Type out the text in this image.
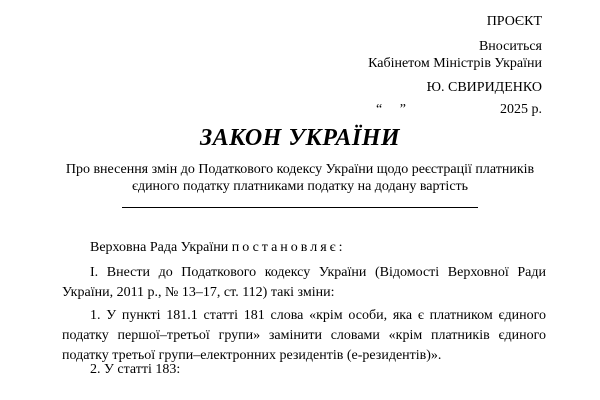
ПРОЄКТ
Вноситься
Кабінетом Міністрів України
Ю. СВИРИДЕНКО
“     ”	2025 р.
ЗАКОН УКРАЇНИ
Про внесення змін до Податкового кодексу України щодо реєстрації платників єдиного податку платниками податку на додану вартість
Верховна Рада України постановляє:
I. Внести до Податкового кодексу України (Відомості Верховної Ради України, 2011 р., № 13–17, ст. 112) такі зміни:
1. У пункті 181.1 статті 181 слова «крім особи, яка є платником єдиного податку першої–третьої групи» замінити словами «крім платників єдиного податку третьої групи–електронних резидентів (е-резидентів)».
2. У статті 183:
